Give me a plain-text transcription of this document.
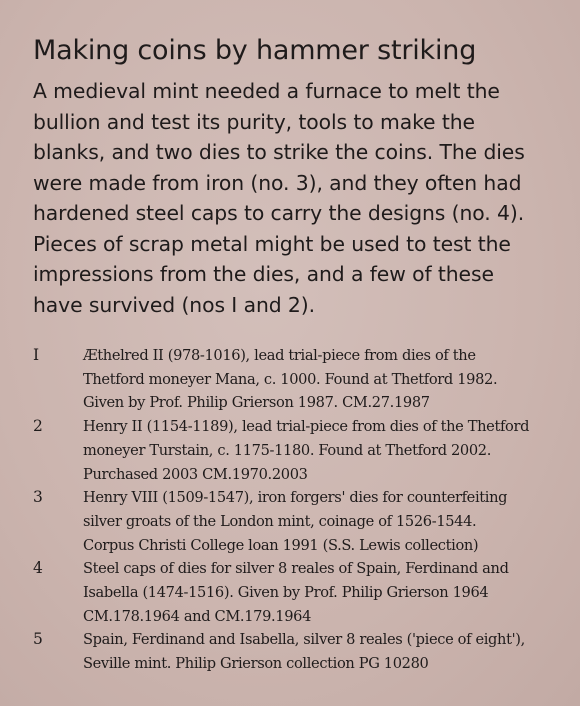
Making coins by hammer striking
A medieval mint needed a furnace to melt the
bullion and test its purity, tools to make the
blanks, and two dies to strike the coins. The dies
were made from iron (no. 3), and they often had
hardened steel caps to carry the designs (no. 4).
Pieces of scrap metal might be used to test the
impressions from the dies, and a few of these
have survived (nos I and 2).
I	Æthelred II (978-1016), lead trial-piece from dies of the
Thetford moneyer Mana, c. 1000. Found at Thetford 1982.
Given by Prof. Philip Grierson 1987. CM.27.1987
2	Henry II (1154-1189), lead trial-piece from dies of the Thetford
moneyer Turstain, c. 1175-1180. Found at Thetford 2002.
Purchased 2003 CM.1970.2003
3	Henry VIII (1509-1547), iron forgers' dies for counterfeiting
silver groats of the London mint, coinage of 1526-1544.
Corpus Christi College loan 1991 (S.S. Lewis collection)
4	Steel caps of dies for silver 8 reales of Spain, Ferdinand and
Isabella (1474-1516). Given by Prof. Philip Grierson 1964
CM.178.1964 and CM.179.1964
5	Spain, Ferdinand and Isabella, silver 8 reales ('piece of eight'),
Seville mint. Philip Grierson collection PG 10280
